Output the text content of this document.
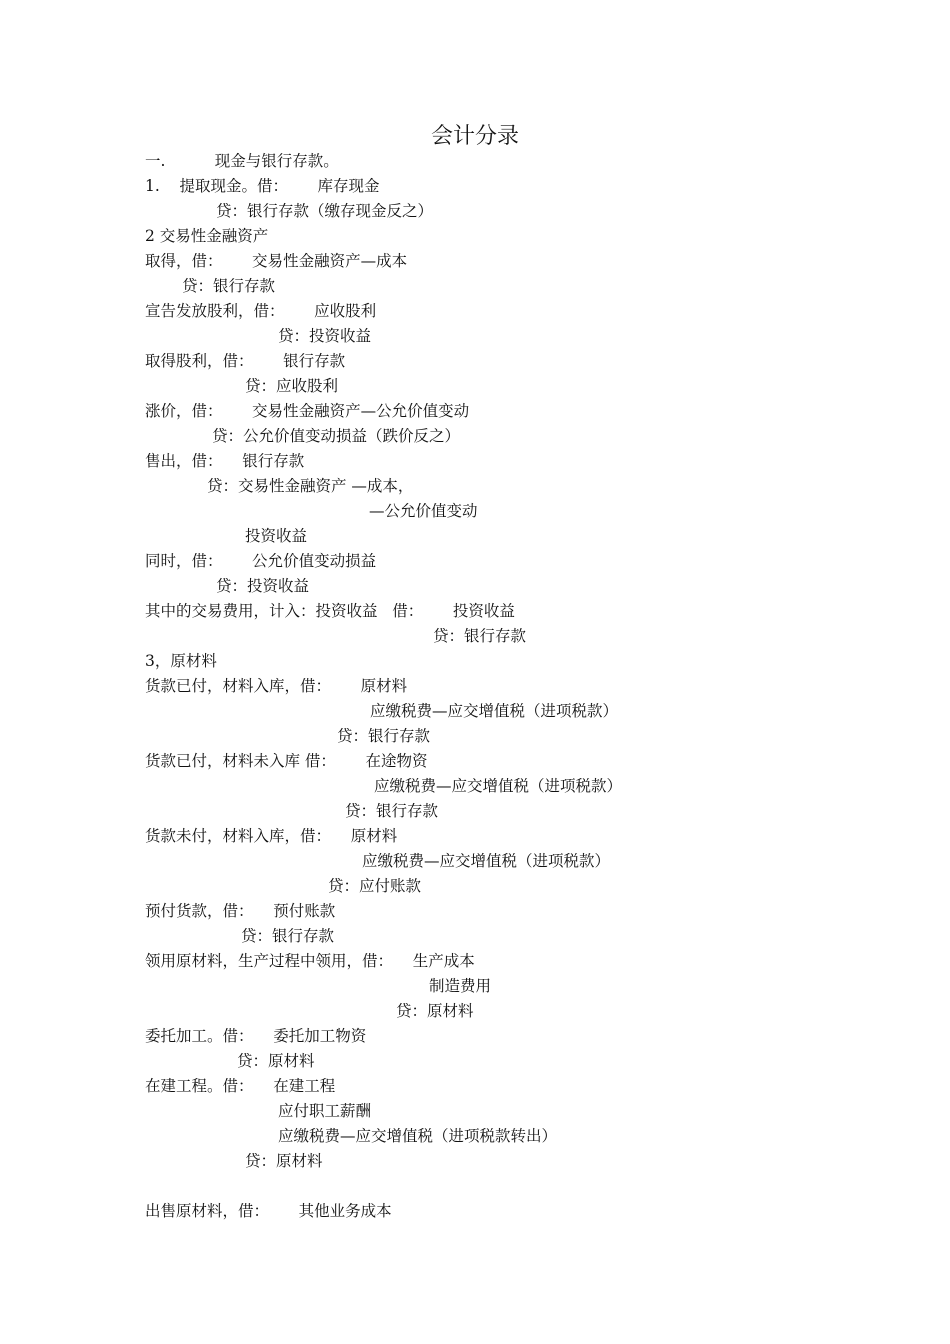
会计分录
一.          现金与银行存款。
1.    提取现金。借：      库存现金
贷：银行存款（缴存现金反之）
2 交易性金融资产
取得，借：      交易性金融资产—成本
贷：银行存款
宣告发放股利，借：      应收股利
贷：投资收益
取得股利，借：      银行存款
贷：应收股利
涨价，借：      交易性金融资产—公允价值变动
贷：公允价值变动损益（跌价反之）
售出，借：    银行存款
贷：交易性金融资产 —成本，
—公允价值变动
投资收益
同时，借：      公允价值变动损益
贷：投资收益
其中的交易费用，计入：投资收益   借：      投资收益
贷：银行存款
3，原材料
货款已付，材料入库，借：      原材料
应缴税费—应交增值税（进项税款）
贷：银行存款
货款已付，材料未入库 借：      在途物资
应缴税费—应交增值税（进项税款）
贷：银行存款
货款未付，材料入库，借：    原材料
应缴税费—应交增值税（进项税款）
贷：应付账款
预付货款，借：    预付账款
贷：银行存款
领用原材料，生产过程中领用，借：    生产成本
制造费用
贷：原材料
委托加工。借：    委托加工物资
贷：原材料
在建工程。借：    在建工程
应付职工薪酬
应缴税费—应交增值税（进项税款转出）
贷：原材料
出售原材料，借：      其他业务成本
